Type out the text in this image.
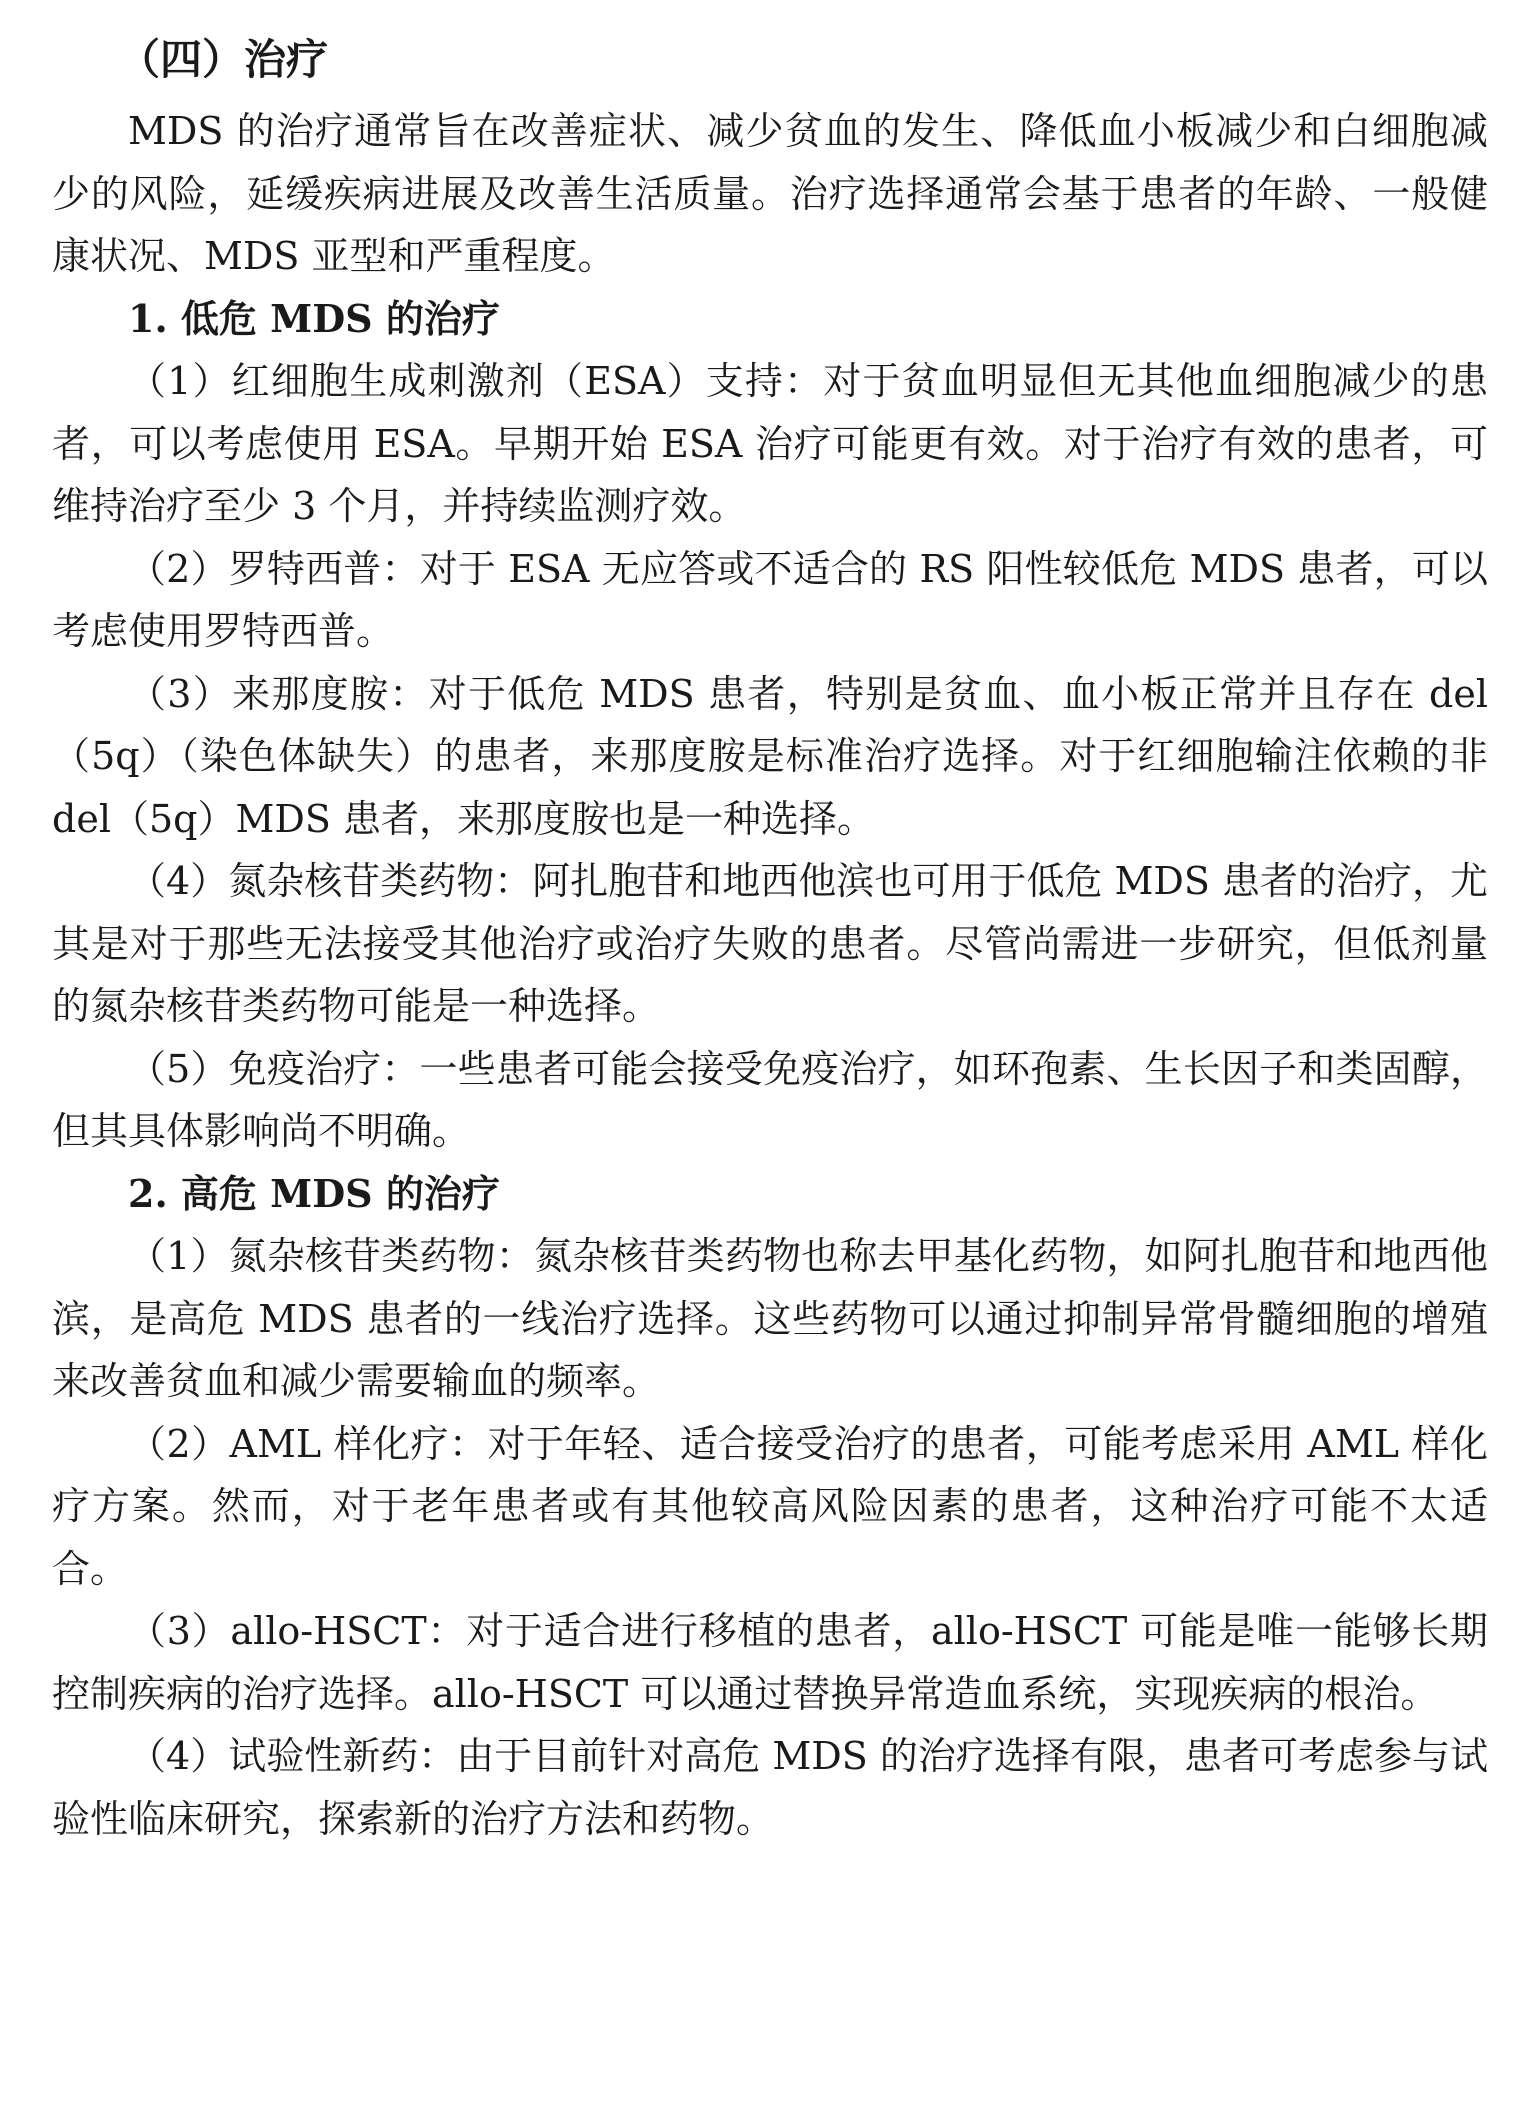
（四）治疗

MDS 的治疗通常旨在改善症状、减少贫血的发生、降低血小板减少和白细胞减少的风险，延缓疾病进展及改善生活质量。治疗选择通常会基于患者的年龄、一般健康状况、MDS 亚型和严重程度。

1. 低危 MDS 的治疗

（1）红细胞生成刺激剂（ESA）支持：对于贫血明显但无其他血细胞减少的患者，可以考虑使用 ESA。早期开始 ESA 治疗可能更有效。对于治疗有效的患者，可维持治疗至少 3 个月，并持续监测疗效。

（2）罗特西普：对于 ESA 无应答或不适合的 RS 阳性较低危 MDS 患者，可以考虑使用罗特西普。

（3）来那度胺：对于低危 MDS 患者，特别是贫血、血小板正常并且存在 del（5q）（染色体缺失）的患者，来那度胺是标准治疗选择。对于红细胞输注依赖的非 del（5q）MDS 患者，来那度胺也是一种选择。

（4）氮杂核苷类药物：阿扎胞苷和地西他滨也可用于低危 MDS 患者的治疗，尤其是对于那些无法接受其他治疗或治疗失败的患者。尽管尚需进一步研究，但低剂量的氮杂核苷类药物可能是一种选择。

（5）免疫治疗：一些患者可能会接受免疫治疗，如环孢素、生长因子和类固醇，但其具体影响尚不明确。

2. 高危 MDS 的治疗

（1）氮杂核苷类药物：氮杂核苷类药物也称去甲基化药物，如阿扎胞苷和地西他滨，是高危 MDS 患者的一线治疗选择。这些药物可以通过抑制异常骨髓细胞的增殖来改善贫血和减少需要输血的频率。

（2）AML 样化疗：对于年轻、适合接受治疗的患者，可能考虑采用 AML 样化疗方案。然而，对于老年患者或有其他较高风险因素的患者，这种治疗可能不太适合。

（3）allo-HSCT：对于适合进行移植的患者，allo-HSCT 可能是唯一能够长期控制疾病的治疗选择。allo-HSCT 可以通过替换异常造血系统，实现疾病的根治。

（4）试验性新药：由于目前针对高危 MDS 的治疗选择有限，患者可考虑参与试验性临床研究，探索新的治疗方法和药物。
